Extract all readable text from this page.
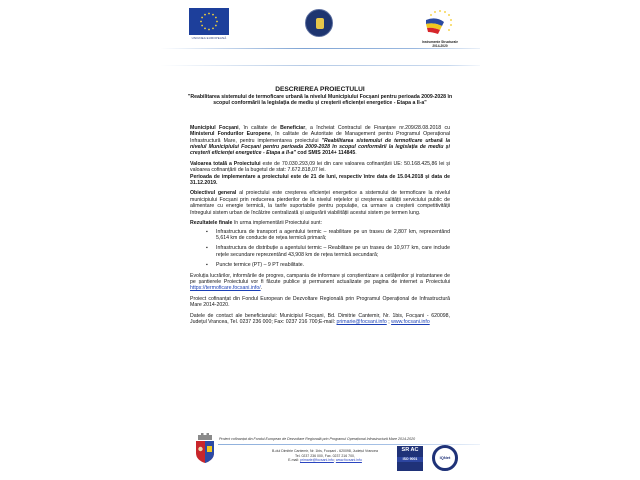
UNIUNEA EUROPEANĂ
Instrumente Structurale
2014-2020
DESCRIEREA PROIECTULUI
"Reabilitarea sistemului de termoficare urbană la nivelul Municipiului Focșani pentru perioada 2009-2028 în scopul conformării la legislația de mediu și creșterii eficienței energetice - Etapa a II-a"

Municipiul Focșani, în calitate de Beneficiar, a încheiat Contractul de Finanțare nr.209/28.08.2018 cu Ministerul Fondurilor Europene, în calitate de Autoritate de Management pentru Programul Operațional Infrastructură Mare, pentru implementarea proiectului "Reabilitarea sistemului de termoficare urbană la nivelul Municipiului Focșani pentru perioada 2009-2028 în scopul conformării la legislația de mediu și creșterii eficienței energetice - Etapa a II-a" cod SMIS 2014+ 114845.

Valoarea totală a Proiectului este de 70.030.293,09 lei din care valoarea cofinanțării UE: 50.168.425,86 lei și valoarea cofinanțării de la bugetul de stat: 7.672.818,07 lei.

Perioada de implementare a proiectului este de 21 de luni, respectiv între data de 15.04.2018 și data de 31.12.2019.

Obiectivul general al proiectului este creșterea eficienței energetice a sistemului de termoficare la nivelul municipiului Focșani prin reducerea pierderilor de la nivelul rețelelor și creșterea calității serviciului public de alimentare cu energie termică, la tarife suportabile pentru populație, ca urmare a creșterii competitivității întregului sistem urban de încălzire centralizată și asigurării viabilității acestui sistem pe termen lung.

Rezultatele finale în urma implementării Proiectului sunt:

▪ Infrastructura de transport a agentului termic – reabilitare pe un traseu de 2,807 km, reprezentând 5,614 km de conducte de rețea termică primară;
▪ Infrastructura de distribuție a agentului termic – Reabilitare pe un traseu de 10,977 km, care include rețele secundare reprezentând 43,908 km de rețea termică secundară;
▪ Puncte termice (PT) – 9 PT reabilitate.

Evoluția lucrărilor, informările de progres, campania de informare și conștientizare a cetățenilor și instantanee de pe șantierele Proiectului vor fi făcute publice și permanent actualizate pe pagina de internet a Proiectului https://termoficare.focsani.info/.

Proiect cofinanțat din Fondul European de Dezvoltare Regională prin Programul Operațional de Infrastructură Mare 2014-2020.

Datele de contact ale beneficiarului: Municipiul Focșani, Bd. Dimitrie Cantemir, Nr. 1bis, Focșani - 620098, Județul Vrancea, Tel. 0237 236 000; Fax: 0237 216 700;E-mail: primarie@focsani.info ; www.focsani.info

Proiect cofinanțat din Fondul European de Dezvoltare Regională prin Programul Operațional Infrastructură Mare 2014-2020
B-dul Dimitrie Cantemir, Nr. 1bis, Focșani - 620098, Județul Vrancea
Tel. 0237 236 000, Fax. 0237 216 700,
E-mail: primarie@focsani.info; www.focsani.info
SR AC
ISO 9001	IQNet
